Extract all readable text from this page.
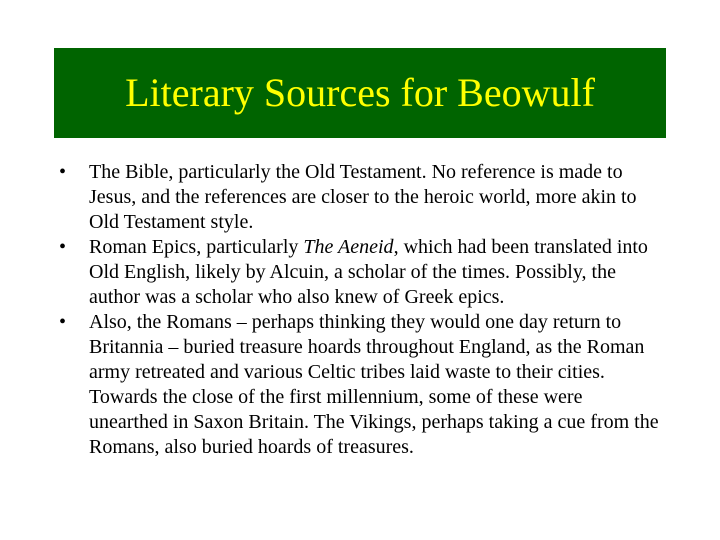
Literary Sources for Beowulf
• The Bible, particularly the Old Testament. No reference is made to Jesus, and the references are closer to the heroic world, more akin to Old Testament style.
• Roman Epics, particularly The Aeneid, which had been translated into Old English, likely by Alcuin, a scholar of the times. Possibly, the author was a scholar who also knew of Greek epics.
• Also, the Romans – perhaps thinking they would one day return to Britannia – buried treasure hoards throughout England, as the Roman army retreated and various Celtic tribes laid waste to their cities. Towards the close of the first millennium, some of these were unearthed in Saxon Britain. The Vikings, perhaps taking a cue from the Romans, also buried hoards of treasures.
